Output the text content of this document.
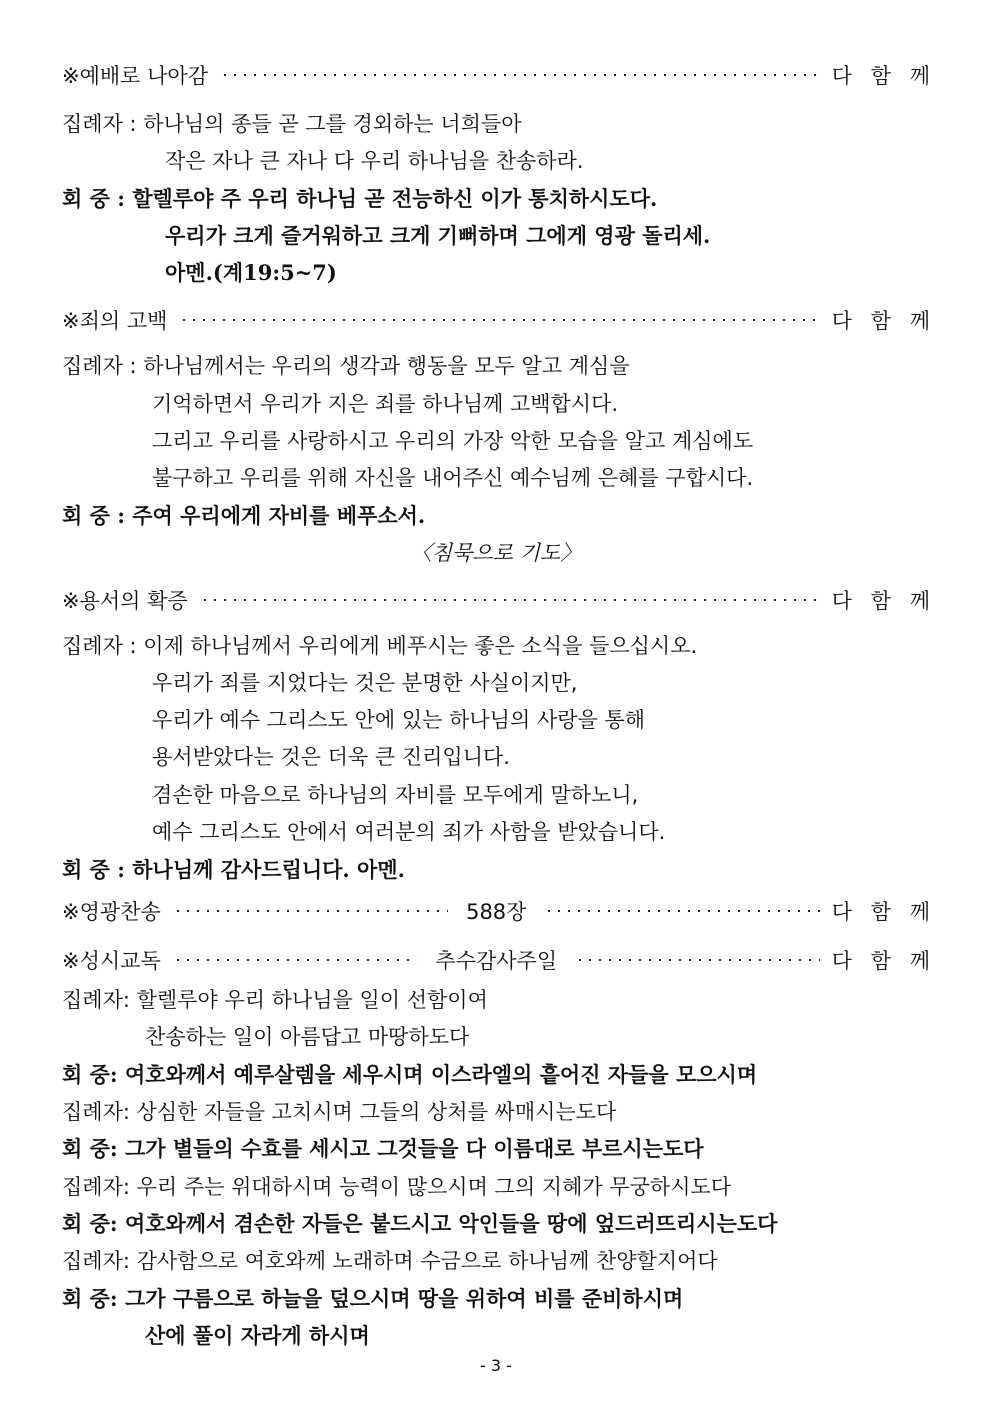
※예배로 나아감	다 함 께
집례자 : 하나님의 종들 곧 그를 경외하는 너희들아
작은 자나 큰 자나 다 우리 하나님을 찬송하라.
회 중 : 할렐루야 주 우리 하나님 곧 전능하신 이가 통치하시도다.
우리가 크게 즐거워하고 크게 기뻐하며 그에게 영광 돌리세.
아멘.(계19:5~7)
※죄의 고백	다 함 께
집례자 : 하나님께서는 우리의 생각과 행동을 모두 알고 계심을
기억하면서 우리가 지은 죄를 하나님께 고백합시다.
그리고 우리를 사랑하시고 우리의 가장 악한 모습을 알고 계심에도
불구하고 우리를 위해 자신을 내어주신 예수님께 은혜를 구합시다.
회 중 : 주여 우리에게 자비를 베푸소서.
〈침묵으로 기도〉
※용서의 확증	다 함 께
집례자 : 이제 하나님께서 우리에게 베푸시는 좋은 소식을 들으십시오.
우리가 죄를 지었다는 것은 분명한 사실이지만,
우리가 예수 그리스도 안에 있는 하나님의 사랑을 통해
용서받았다는 것은 더욱 큰 진리입니다.
겸손한 마음으로 하나님의 자비를 모두에게 말하노니,
예수 그리스도 안에서 여러분의 죄가 사함을 받았습니다.
회 중 : 하나님께 감사드립니다. 아멘.
※영광찬송	588장	다 함 께
※성시교독	추수감사주일	다 함 께
집례자: 할렐루야 우리 하나님을 일이 선함이여
찬송하는 일이 아름답고 마땅하도다
회 중: 여호와께서 예루살렘을 세우시며 이스라엘의 흩어진 자들을 모으시며
집례자: 상심한 자들을 고치시며 그들의 상처를 싸매시는도다
회 중: 그가 별들의 수효를 세시고 그것들을 다 이름대로 부르시는도다
집례자: 우리 주는 위대하시며 능력이 많으시며 그의 지혜가 무궁하시도다
회 중: 여호와께서 겸손한 자들은 붙드시고 악인들을 땅에 엎드러뜨리시는도다
집례자: 감사함으로 여호와께 노래하며 수금으로 하나님께 찬양할지어다
회 중: 그가 구름으로 하늘을 덮으시며 땅을 위하여 비를 준비하시며
산에 풀이 자라게 하시며
- 3 -
